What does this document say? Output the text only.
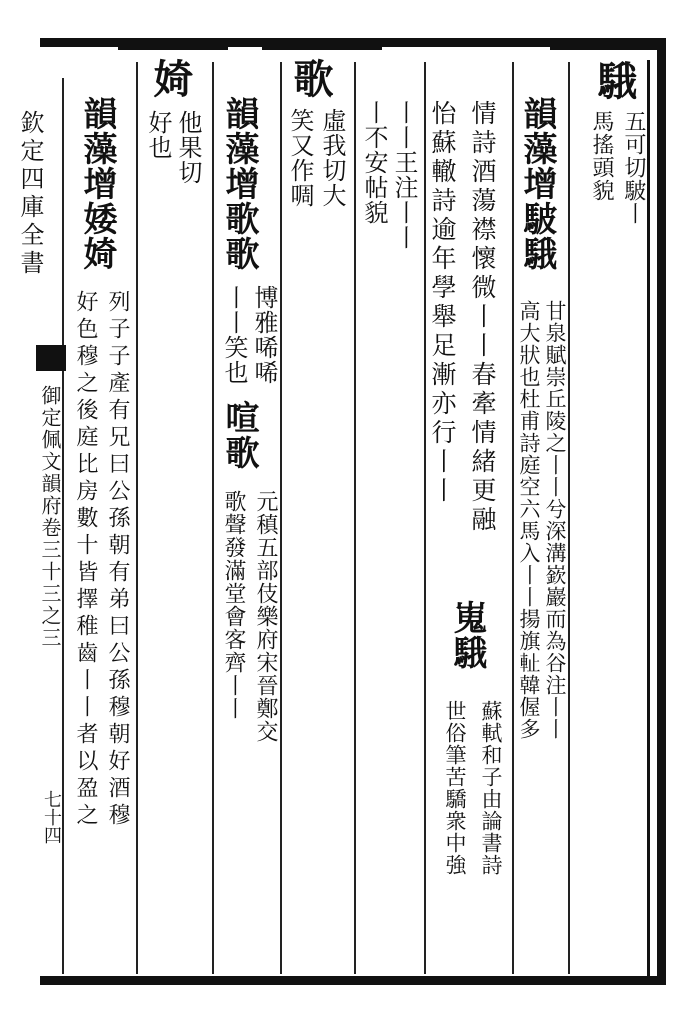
欽定四庫全書
御定佩文韻府卷三十三之三
七十四
騀
五可切駊丨
馬搖頭貌
韻藻增駊騀
甘泉賦崇丘陵之丨丨兮深溝嶔巖而為谷注丨丨
高大狀也杜甫詩庭空六馬入丨丨揚旗𨊺韓偓多
情詩酒蕩襟懷微丨丨春牽情緒更融
嵬騀
蘇軾和子由論書詩
世俗筆苦驕衆中強
怡蘇轍詩逾年學舉足漸亦行丨丨
丨丨王注丨丨
丨不安帖貌
歌
虛我切大
笑又作啁
韻藻增歌歌
博雅唏唏
丨丨笑也
喧歌
元稹五部伎樂府宋晉鄭交
歌聲發滿堂會客齊丨丨
婍
他果切
好也
韻藻增婑婍
列子子產有兄曰公孫朝有弟曰公孫穆朝好酒穆
好色穆之後庭比房數十皆擇稚齒丨丨者以盈之
